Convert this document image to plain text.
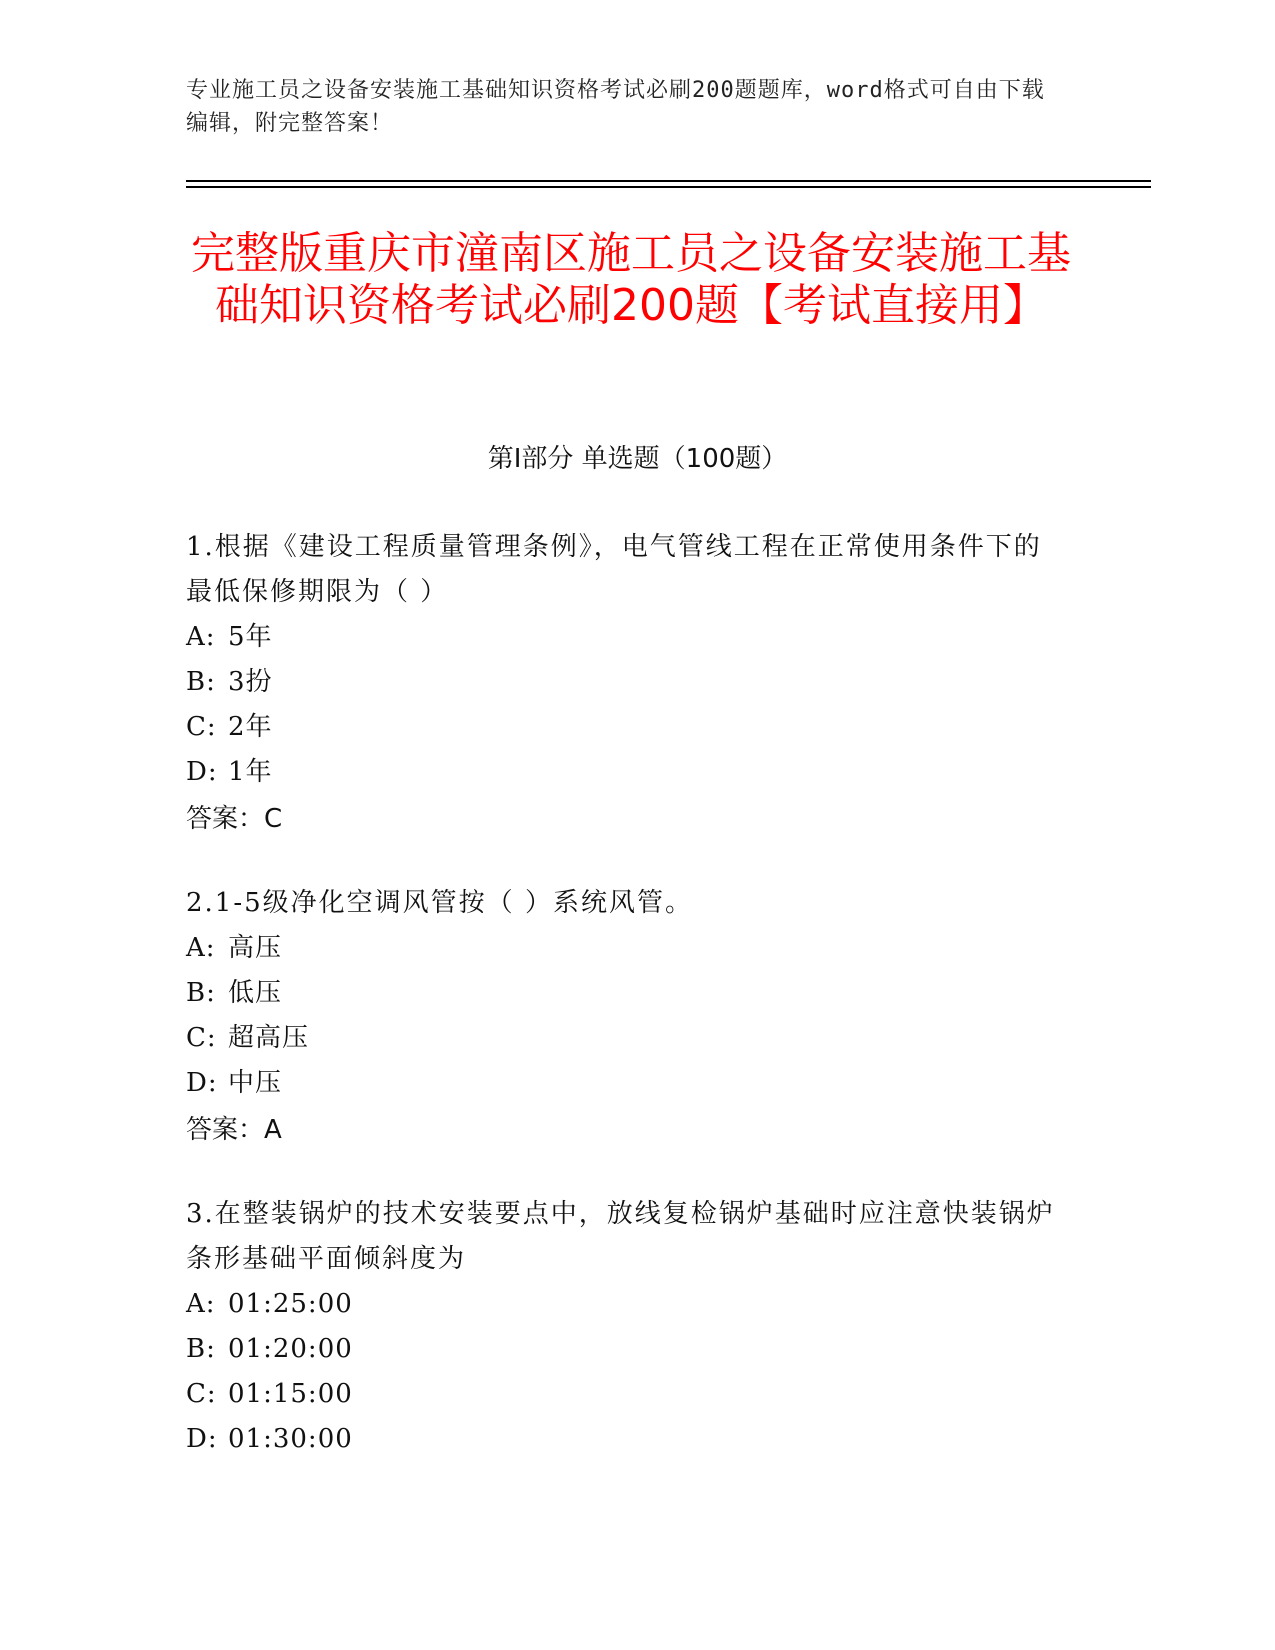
专业施工员之设备安装施工基础知识资格考试必刷200题题库，word格式可自由下载编辑，附完整答案！
完整版重庆市潼南区施工员之设备安装施工基础知识资格考试必刷200题【考试直接用】
第Ⅰ部分 单选题（100题）
1.根据《建设工程质量管理条例》，电气管线工程在正常使用条件下的最低保修期限为（ ）
A: 5年
B: 3扮
C: 2年
D: 1年
答案：C
2.1-5级净化空调风管按（ ）系统风管。
A: 高压
B: 低压
C: 超高压
D: 中压
答案：A
3.在整装锅炉的技术安装要点中，放线复检锅炉基础时应注意快装锅炉条形基础平面倾斜度为
A: 01:25:00
B: 01:20:00
C: 01:15:00
D: 01:30:00
